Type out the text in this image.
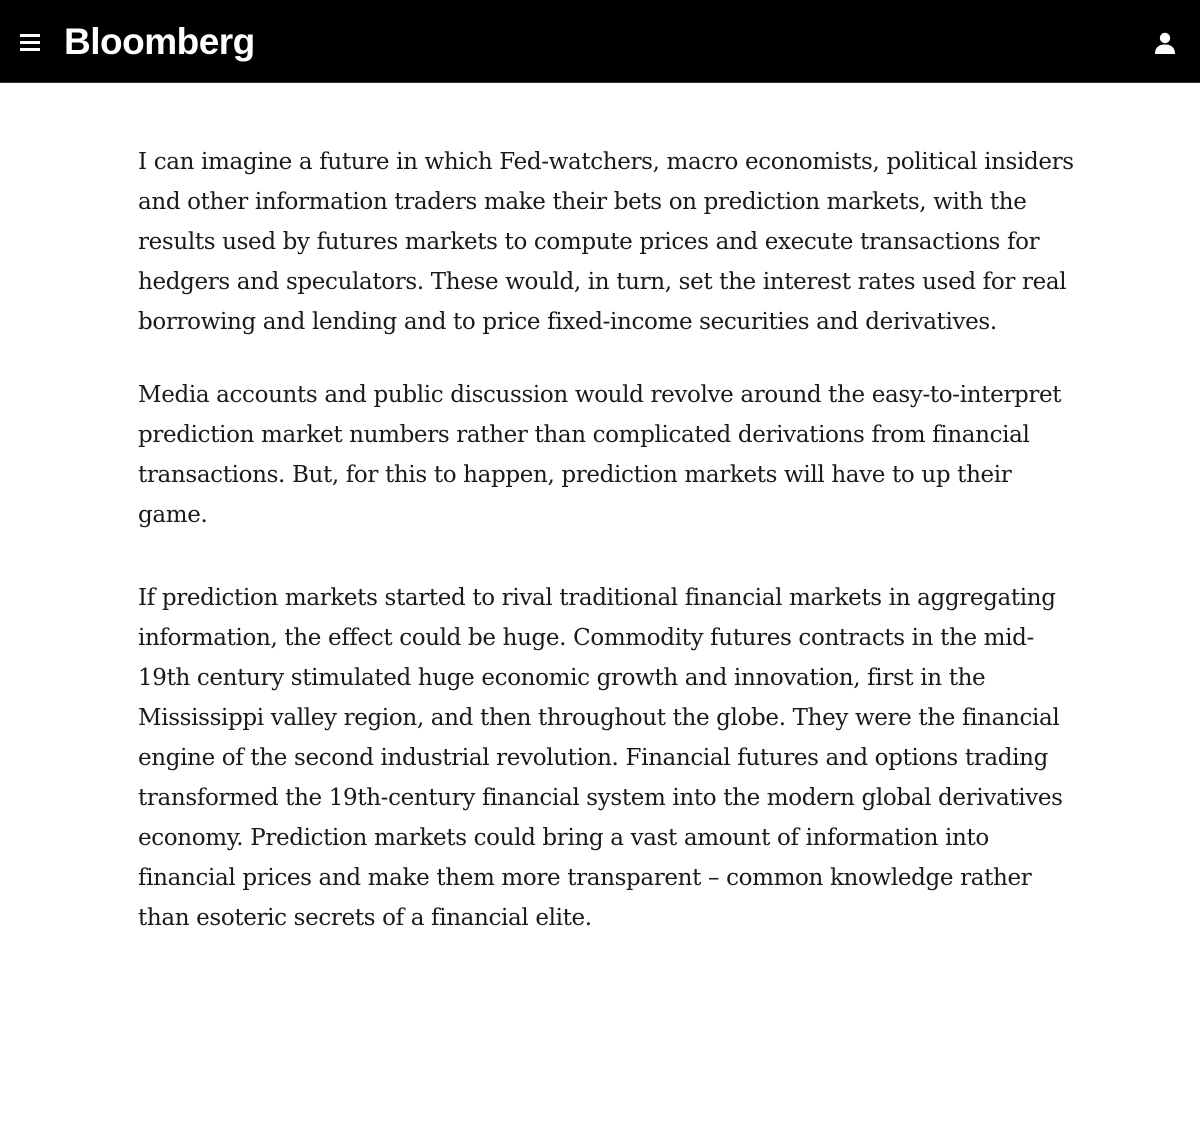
Bloomberg

I can imagine a future in which Fed-watchers, macro economists, political insiders and other information traders make their bets on prediction markets, with the results used by futures markets to compute prices and execute transactions for hedgers and speculators. These would, in turn, set the interest rates used for real borrowing and lending and to price fixed-income securities and derivatives.

Media accounts and public discussion would revolve around the easy-to-interpret prediction market numbers rather than complicated derivations from financial transactions. But, for this to happen, prediction markets will have to up their game.

If prediction markets started to rival traditional financial markets in aggregating information, the effect could be huge. Commodity futures contracts in the mid-19th century stimulated huge economic growth and innovation, first in the Mississippi valley region, and then throughout the globe. They were the financial engine of the second industrial revolution. Financial futures and options trading transformed the 19th-century financial system into the modern global derivatives economy. Prediction markets could bring a vast amount of information into financial prices and make them more transparent – common knowledge rather than esoteric secrets of a financial elite.
